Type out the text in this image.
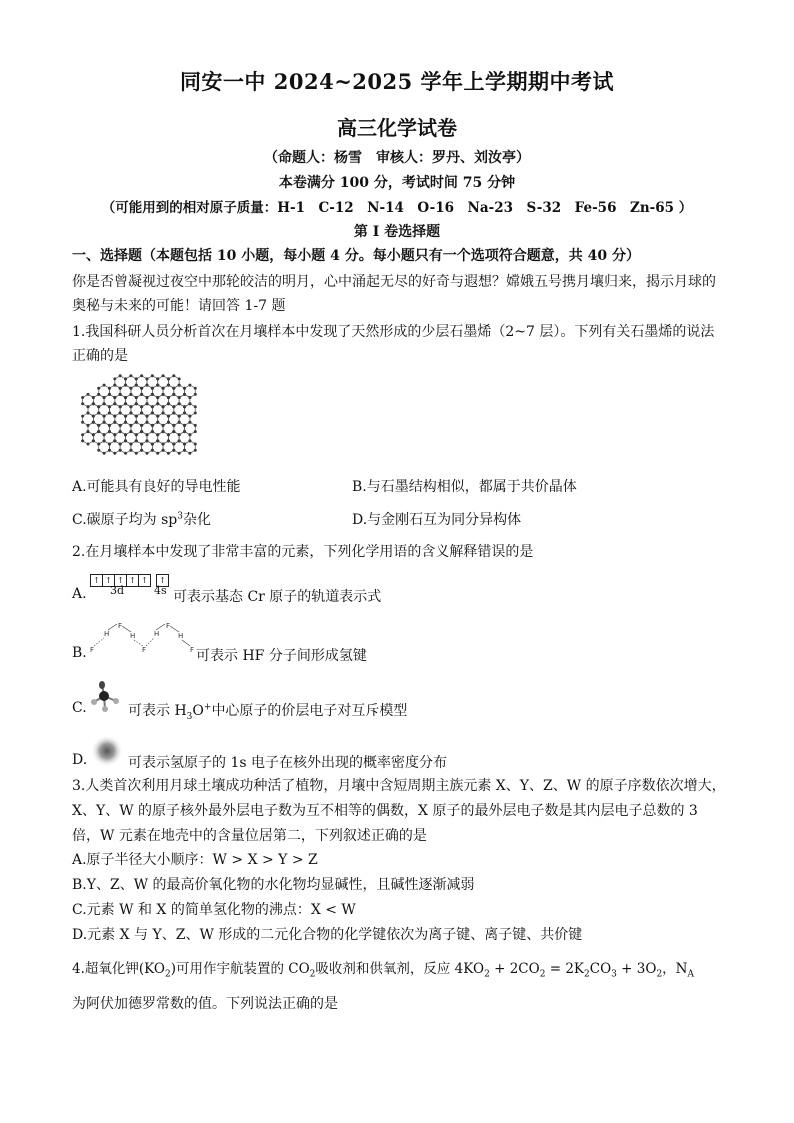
同安一中 2024~2025 学年上学期期中考试
高三化学试卷
（命题人：杨雪　审核人：罗丹、刘汝亭）
本卷满分 100 分，考试时间 75 分钟
（可能用到的相对原子质量：H-1　C-12　N-14　O-16　Na-23　S-32　Fe-56　Zn-65 ）
第 I 卷选择题
一、选择题（本题包括 10 小题，每小题 4 分。每小题只有一个选项符合题意，共 40 分）
你是否曾凝视过夜空中那轮皎洁的明月，心中涌起无尽的好奇与遐想？嫦娥五号携月壤归来，揭示月球的
奥秘与未来的可能！请回答 1-7 题
1.我国科研人员分析首次在月壤样本中发现了天然形成的少层石墨烯（2~7 层）。下列有关石墨烯的说法
正确的是
A.可能具有良好的导电性能	B.与石墨结构相似，都属于共价晶体
C.碳原子均为 $sp^3$杂化	D.与金刚石互为同分异构体
2.在月壤样本中发现了非常丰富的元素，下列化学用语的含义解释错误的是
A.
↑ ↑ ↑ ↑ ↑	↑
3d	4s 可表示基态 Cr 原子的轨道表示式
B. F
H
F
H
F
H
F
H
F 可表示 HF 分子间形成氢键
C.	可表示 $H_3O^+$中心原子的价层电子对互斥模型
D.	可表示氢原子的 1s 电子在核外出现的概率密度分布
3.人类首次利用月球土壤成功种活了植物，月壤中含短周期主族元素 X、Y、Z、W 的原子序数依次增大，
X、Y、W 的原子核外最外层电子数为互不相等的偶数，X 原子的最外层电子数是其内层电子总数的 3
倍，W 元素在地壳中的含量位居第二，下列叙述正确的是
A.原子半径大小顺序：W > X > Y > Z
B.Y、Z、W 的最高价氧化物的水化物均显碱性，且碱性逐渐减弱
C.元素 W 和 X 的简单氢化物的沸点：X < W
D.元素 X 与 Y、Z、W 形成的二元化合物的化学键依次为离子键、离子键、共价键
4.超氧化钾$(KO_2)$可用作宇航装置的 $CO_2$吸收剂和供氧剂，反应 $4KO_2 + 2CO_2 = 2K_2CO_3 + 3O_2$，$N_A$
为阿伏加德罗常数的值。下列说法正确的是
